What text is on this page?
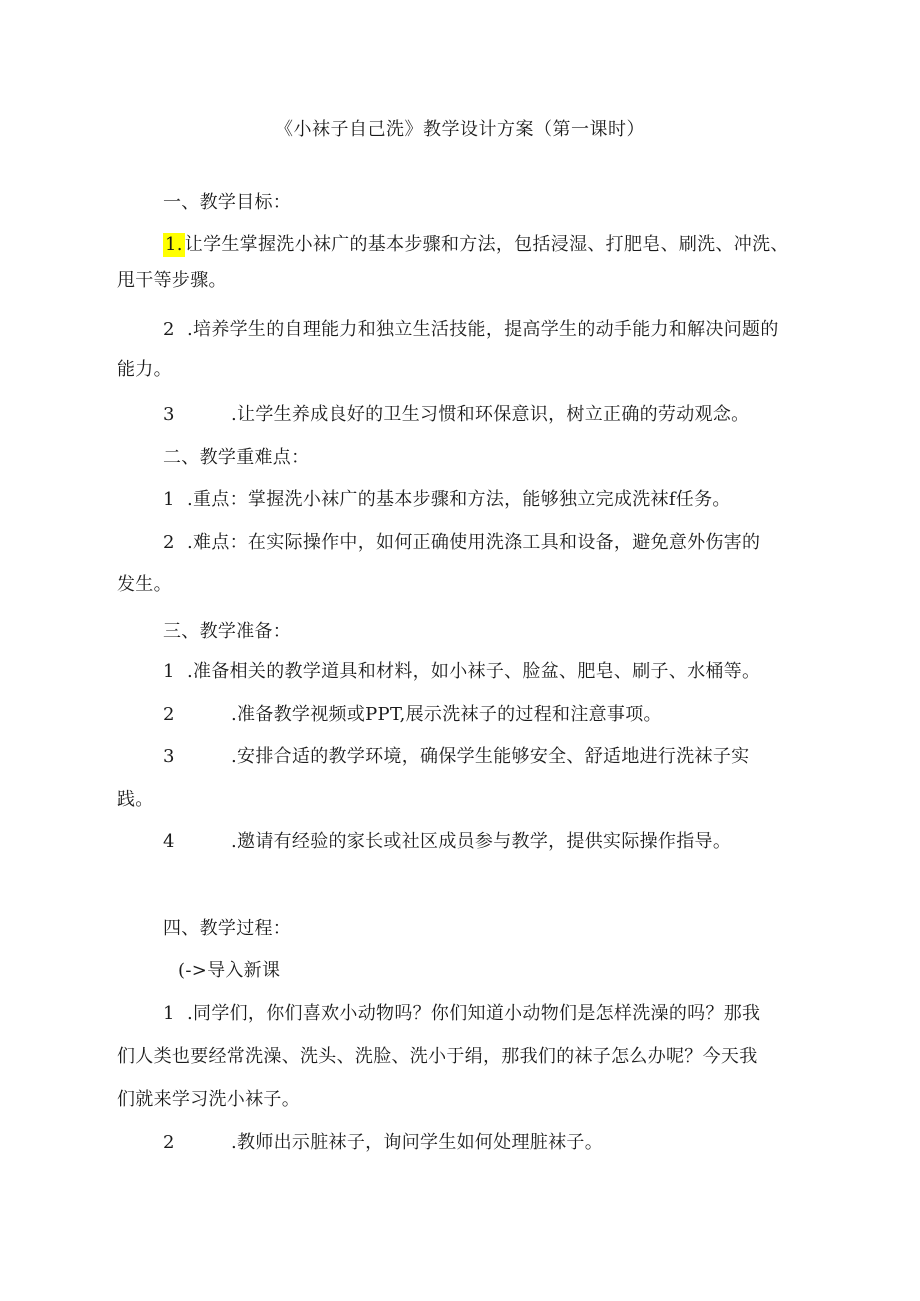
《小袜子自己洗》教学设计方案（第一课时）
一、教学目标：
1. 让学生掌握洗小袜广的基本步骤和方法，包括浸湿、打肥皂、刷洗、冲洗、
甩干等步骤。
2 .培养学生的自理能力和独立生活技能，提高学生的动手能力和解决问题的
能力。
3	.让学生养成良好的卫生习惯和环保意识，树立正确的劳动观念。
二、教学重难点：
1 .重点：掌握洗小袜广的基本步骤和方法，能够独立完成洗袜f任务。
2 .难点：在实际操作中，如何正确使用洗涤工具和设备，避免意外伤害的
发生。
三、教学准备：
1 .准备相关的教学道具和材料，如小袜子、脸盆、肥皂、刷子、水桶等。
2	.准备教学视频或PPT,展示洗袜子的过程和注意事项。
3	.安排合适的教学环境，确保学生能够安全、舒适地进行洗袜子实
践。
4	.邀请有经验的家长或社区成员参与教学，提供实际操作指导。
四、教学过程：
(->导入新课
1 .同学们，你们喜欢小动物吗？你们知道小动物们是怎样洗澡的吗？那我
们人类也要经常洗澡、洗头、洗脸、洗小于绢，那我们的袜子怎么办呢？今天我
们就来学习洗小袜子。
2	.教师出示脏袜子，询问学生如何处理脏袜子。
